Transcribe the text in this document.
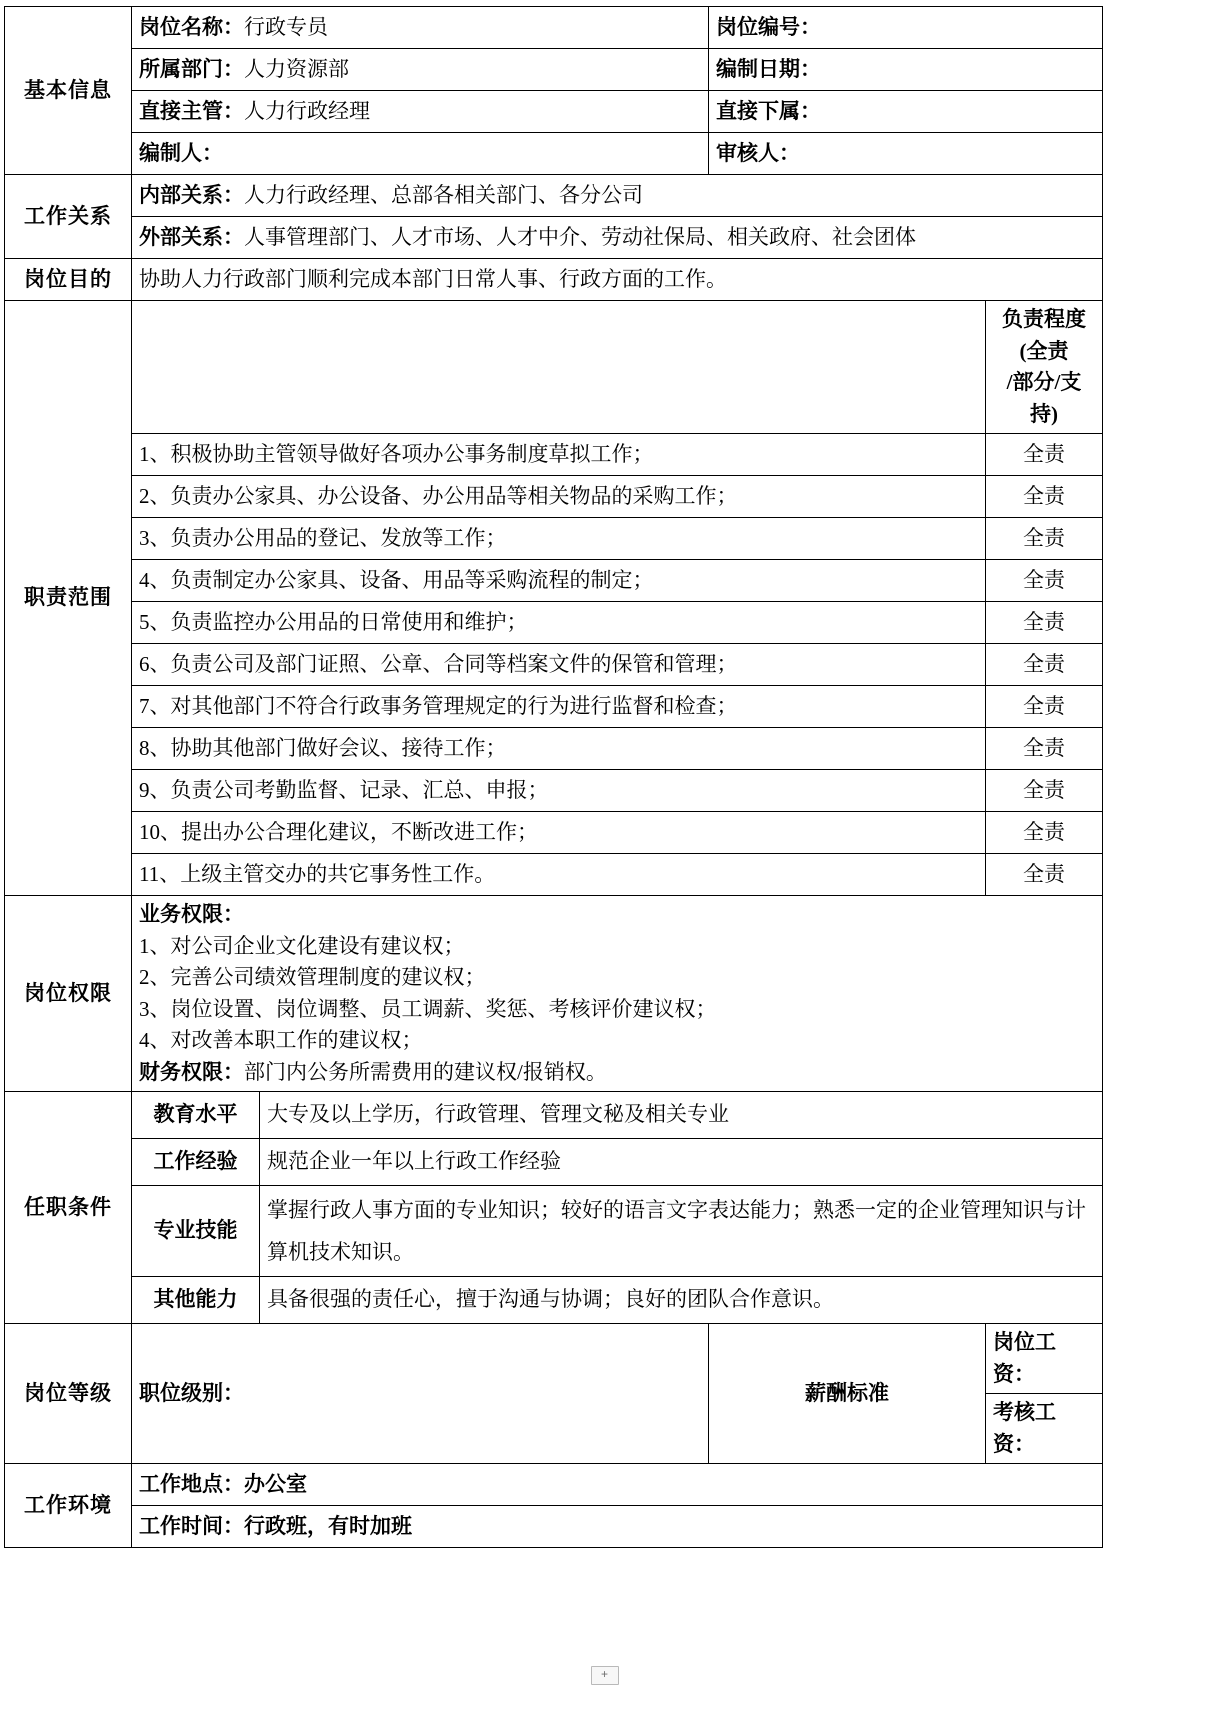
基本信息	岗位名称：行政专员		岗位编号：	
	所属部门：人力资源部		编制日期：	
	直接主管：人力行政经理		直接下属：	
	编制人：		审核人：	
工作关系	内部关系：人力行政经理、总部各相关部门、各分公司			
	外部关系：人事管理部门、人才市场、人才中介、劳动社保局、相关政府、社会团体			
岗位目的	协助人力行政部门顺利完成本部门日常人事、行政方面的工作。			
职责范围				负责程度(全责
/部分/支持)

	1、积极协助主管领导做好各项办公事务制度草拟工作；			全责
	2、负责办公家具、办公设备、办公用品等相关物品的采购工作；			全责
	3、负责办公用品的登记、发放等工作；			全责
	4、负责制定办公家具、设备、用品等采购流程的制定；			全责
	5、负责监控办公用品的日常使用和维护；			全责
	6、负责公司及部门证照、公章、合同等档案文件的保管和管理；			全责
	7、对其他部门不符合行政事务管理规定的行为进行监督和检查；			全责
	8、协助其他部门做好会议、接待工作；			全责
	9、负责公司考勤监督、记录、汇总、申报；			全责
	10、提出办公合理化建议，不断改进工作；			全责
	11、上级主管交办的共它事务性工作。			全责
岗位权限	
业务权限：
1、对公司企业文化建设有建议权；
2、完善公司绩效管理制度的建议权；
3、岗位设置、岗位调整、员工调薪、奖惩、考核评价建议权；
4、对改善本职工作的建议权；
财务权限：部门内公务所需费用的建议权/报销权。

任职条件	教育水平	大专及以上学历，行政管理、管理文秘及相关专业		
	工作经验	规范企业一年以上行政工作经验		
	专业技能	掌握行政人事方面的专业知识；较好的语言文字表达能力；熟悉一定的企业管理知识与计算机技术知识。		
	其他能力	具备很强的责任心，擅于沟通与协调；良好的团队合作意识。		
岗位等级	职位级别：		薪酬标准	岗位工资：
				考核工资：
工作环境	工作地点：办公室			
	工作时间：行政班，有时加班			
+
